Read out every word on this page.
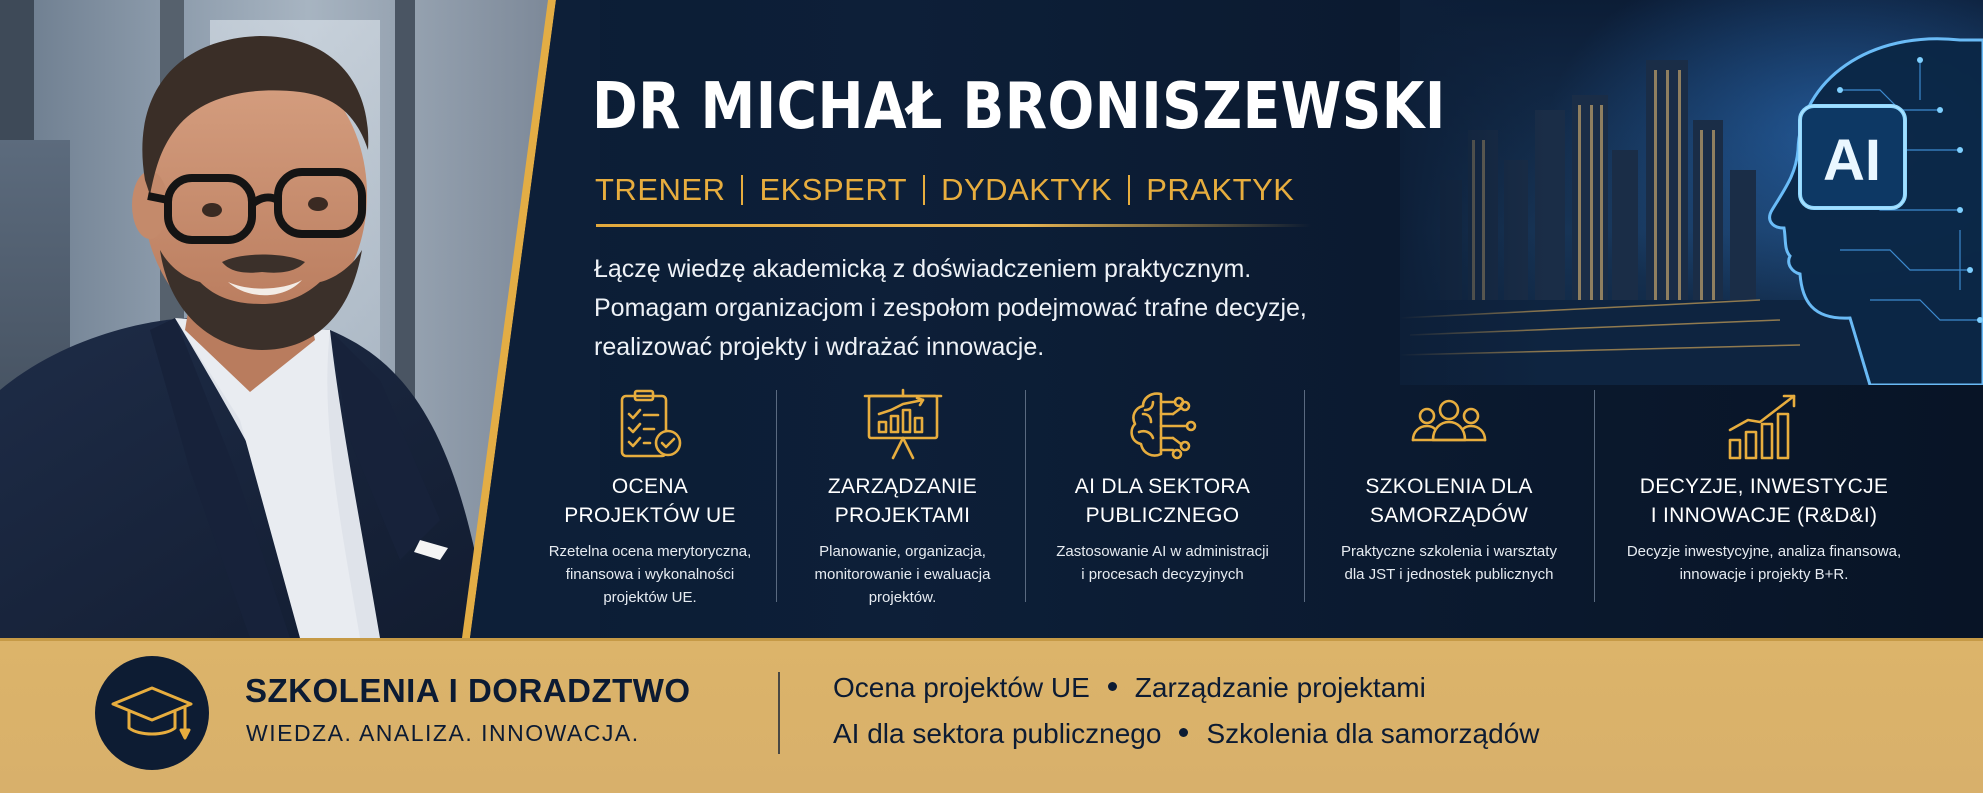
DR MICHAŁ BRONISZEWSKI
TRENER EKSPERT DYDAKTYK PRAKTYK
Łączę wiedzę akademicką z doświadczeniem praktycznym.
Pomagam organizacjom i zespołom podejmować trafne decyzje,
realizować projekty i wdrażać innowacje.
OCENA
PROJEKTÓW UE
Rzetelna ocena merytoryczna,
finansowa i wykonalności
projektów UE.
ZARZĄDZANIE
PROJEKTAMI
Planowanie, organizacja,
monitorowanie i ewaluacja
projektów.
AI DLA SEKTORA
PUBLICZNEGO
Zastosowanie AI w administracji
i procesach decyzyjnych
SZKOLENIA DLA
SAMORZĄDÓW
Praktyczne szkolenia i warsztaty
dla JST i jednostek publicznych
DECYZJE, INWESTYCJE
I INNOWACJE (R&D&I)
Decyzje inwestycyjne, analiza finansowa,
innowacje i projekty B+R.
SZKOLENIA I DORADZTWO
WIEDZA. ANALIZA. INNOWACJA.
Ocena projektów UE Zarządzanie projektami
AI dla sektora publicznego Szkolenia dla samorządów
